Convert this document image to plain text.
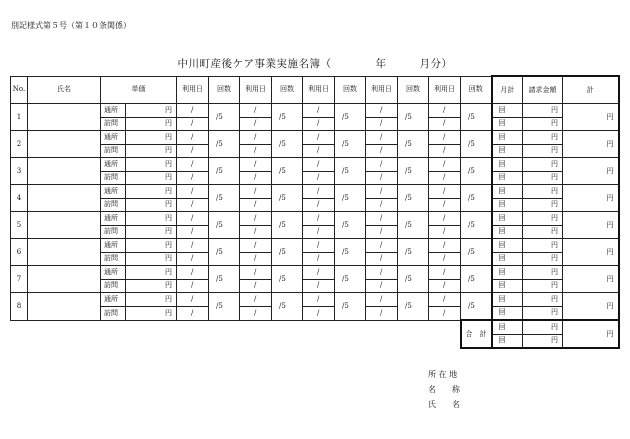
別記様式第５号（第１０条関係）
中川町産後ケア事業実施名簿（　　　　年　　　月分）
No.	氏名	単価		利用日	回数	利用日	回数	利用日	回数	利用日	回数	利用日	回数	月計	請求金額	計
1		通所	円	/	/5	/	/5	/	/5	/	/5	/	/5	回	円	円
		訪問	円	/		/		/		/		/		回	円	
2		通所	円	/	/5	/	/5	/	/5	/	/5	/	/5	回	円	円
		訪問	円	/		/		/		/		/		回	円	
3		通所	円	/	/5	/	/5	/	/5	/	/5	/	/5	回	円	円
		訪問	円	/		/		/		/		/		回	円	
4		通所	円	/	/5	/	/5	/	/5	/	/5	/	/5	回	円	円
		訪問	円	/		/		/		/		/		回	円	
5		通所	円	/	/5	/	/5	/	/5	/	/5	/	/5	回	円	円
		訪問	円	/		/		/		/		/		回	円	
6		通所	円	/	/5	/	/5	/	/5	/	/5	/	/5	回	円	円
		訪問	円	/		/		/		/		/		回	円	
7		通所	円	/	/5	/	/5	/	/5	/	/5	/	/5	回	円	円
		訪問	円	/		/		/		/		/		回	円	
8		通所	円	/	/5	/	/5	/	/5	/	/5	/	/5	回	円	円
		訪問	円	/		/		/		/		/		回	円	
													合　計	回	円	円
														回	円	
所 在 地
名　　称
氏　　名
